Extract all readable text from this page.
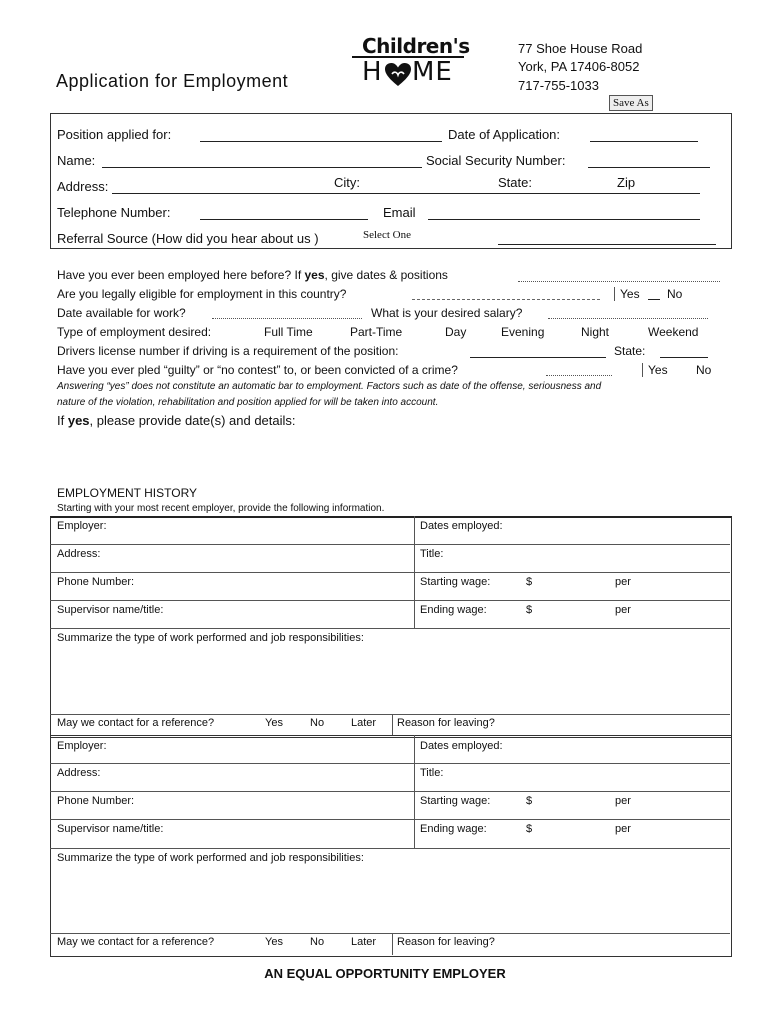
Application for Employment
Children's
H ME
77 Shoe House Road
York, PA 17406-8052
717-755-1033
Save As
Position applied for:	Date of Application:
Name:	Social Security Number:
Address:	City:	State:	Zip
Telephone Number:	Email
Referral Source (How did you hear about us )	Select One
Have you ever been employed here before? If yes, give dates & positions
Are you legally eligible for employment in this country?	Yes No
Date available for work?	What is your desired salary?
Type of employment desired:	Full Time	Part-Time	Day	Evening	Night	Weekend
Drivers license number if driving is a requirement of the position:	State:
Have you ever pled “guilty” or “no contest” to, or been convicted of a crime?	Yes No
Answering “yes” does not constitute an automatic bar to employment. Factors such as date of the offense, seriousness and
nature of the violation, rehabilitation and position applied for will be taken into account.
If yes, please provide date(s) and details:
EMPLOYMENT HISTORY
Starting with your most recent employer, provide the following information.
Employer:	Dates employed:
Address:	Title:
Phone Number:	Starting wage:	$	per
Supervisor name/title:	Ending wage:	$	per
Summarize the type of work performed and job responsibilities:
May we contact for a reference?	Yes No Later Reason for leaving?
Employer:	Dates employed:
Address:	Title:
Phone Number:	Starting wage:	$	per
Supervisor name/title:	Ending wage:	$	per
Summarize the type of work performed and job responsibilities:
May we contact for a reference?	Yes No Later Reason for leaving?
AN EQUAL OPPORTUNITY EMPLOYER
